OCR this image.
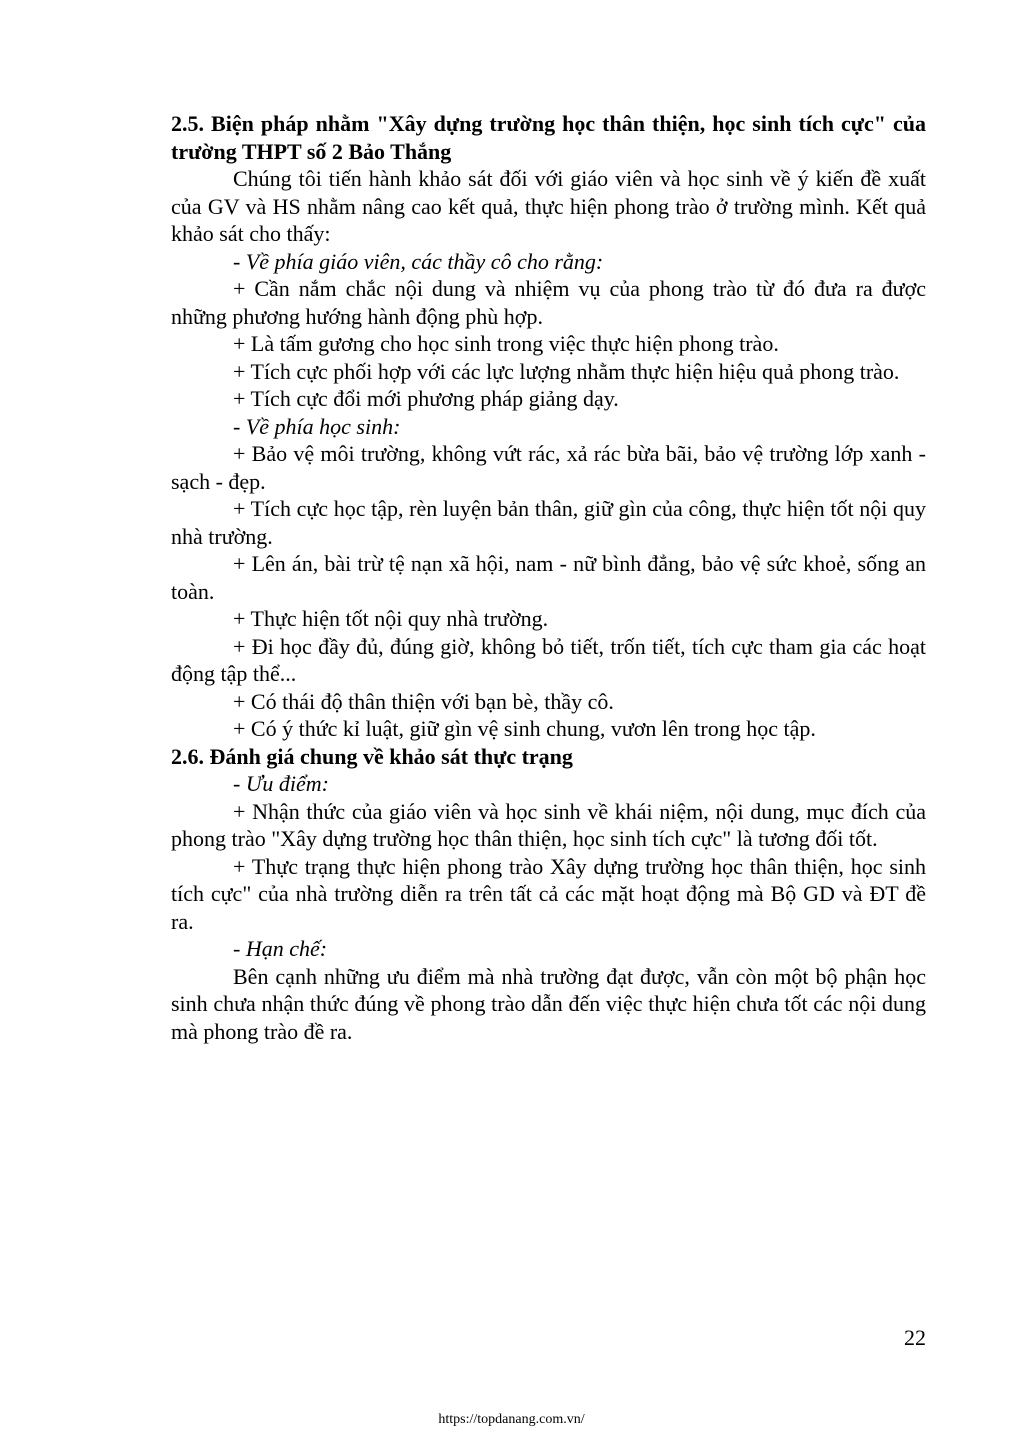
2.5. Biện pháp nhằm "Xây dựng trường học thân thiện, học sinh tích cực" của trường THPT số 2 Bảo Thắng

Chúng tôi tiến hành khảo sát đối với giáo viên và học sinh về ý kiến đề xuất của GV và HS nhằm nâng cao kết quả, thực hiện phong trào ở trường mình. Kết quả khảo sát cho thấy:

- Về phía giáo viên, các thầy cô cho rằng:

+ Cần nắm chắc nội dung và nhiệm vụ của phong trào từ đó đưa ra được những phương hướng hành động phù hợp.

+ Là tấm gương cho học sinh trong việc thực hiện phong trào.

+ Tích cực phối hợp với các lực lượng nhằm thực hiện hiệu quả phong trào.

+ Tích cực đổi mới phương pháp giảng dạy.

- Về phía học sinh:

+ Bảo vệ môi trường, không vứt rác, xả rác bừa bãi, bảo vệ trường lớp xanh - sạch - đẹp.

+ Tích cực học tập, rèn luyện bản thân, giữ gìn của công, thực hiện tốt nội quy nhà trường.

+ Lên án, bài trừ tệ nạn xã hội, nam - nữ bình đẳng, bảo vệ sức khoẻ, sống an toàn.

+ Thực hiện tốt nội quy nhà trường.

+ Đi học đầy đủ, đúng giờ, không bỏ tiết, trốn tiết, tích cực tham gia các hoạt động tập thể...

+ Có thái độ thân thiện với bạn bè, thầy cô.

+ Có ý thức kỉ luật, giữ gìn vệ sinh chung, vươn lên trong học tập.

2.6. Đánh giá chung về khảo sát thực trạng

- Ưu điểm:

+ Nhận thức của giáo viên và học sinh về khái niệm, nội dung, mục đích của phong trào "Xây dựng trường học thân thiện, học sinh tích cực" là tương đối tốt.

+ Thực trạng thực hiện phong trào Xây dựng trường học thân thiện, học sinh tích cực" của nhà trường diễn ra trên tất cả các mặt hoạt động mà Bộ GD và ĐT đề ra.

- Hạn chế:

Bên cạnh những ưu điểm mà nhà trường đạt được, vẫn còn một bộ phận học sinh chưa nhận thức đúng về phong trào dẫn đến việc thực hiện chưa tốt các nội dung mà phong trào đề ra.

22
https://topdanang.com.vn/
